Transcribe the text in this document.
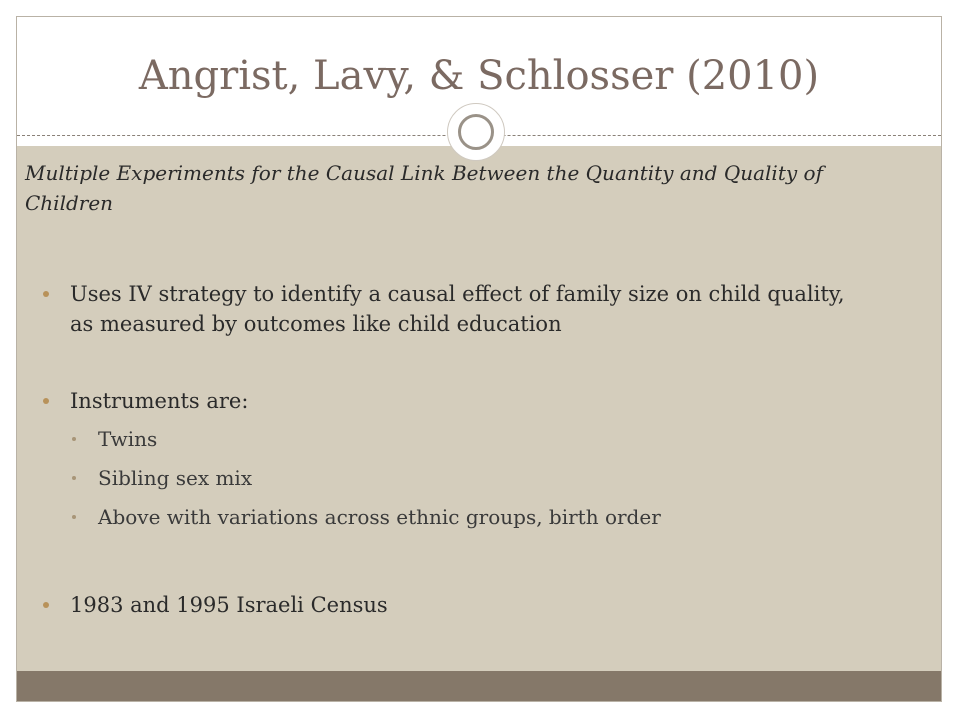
Angrist, Lavy, & Schlosser (2010)
Multiple Experiments for the Causal Link Between the Quantity and Quality of Children
Uses IV strategy to identify a causal effect of family size on child quality, as measured by outcomes like child education
Instruments are:
Twins
Sibling sex mix
Above with variations across ethnic groups, birth order
1983 and 1995 Israeli Census
